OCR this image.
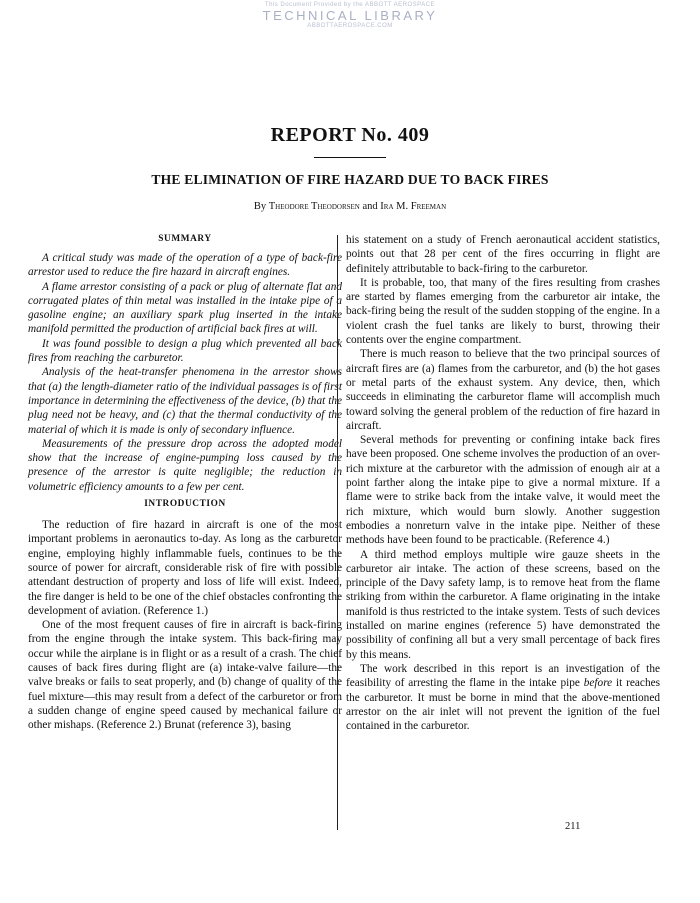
This Document Provided by the ABBOTT AEROSPACE
TECHNICAL LIBRARY
ABBOTTAEROSPACE.COM
REPORT No. 409
THE ELIMINATION OF FIRE HAZARD DUE TO BACK FIRES
By Theodore Theodorsen and Ira M. Freeman
SUMMARY

A critical study was made of the operation of a type of back-fire arrestor used to reduce the fire hazard in aircraft engines.

A flame arrestor consisting of a pack or plug of alternate flat and corrugated plates of thin metal was installed in the intake pipe of a gasoline engine; an auxiliary spark plug inserted in the intake manifold permitted the production of artificial back fires at will.

It was found possible to design a plug which prevented all back fires from reaching the carburetor.

Analysis of the heat-transfer phenomena in the arrestor shows that (a) the length-diameter ratio of the individual passages is of first importance in determining the effectiveness of the device, (b) that the plug need not be heavy, and (c) that the thermal conductivity of the material of which it is made is only of secondary influence.

Measurements of the pressure drop across the adopted model show that the increase of engine-pumping loss caused by the presence of the arrestor is quite negligible; the reduction in volumetric efficiency amounts to a few per cent.

INTRODUCTION

The reduction of fire hazard in aircraft is one of the most important problems in aeronautics to-day. As long as the carburetor engine, employing highly inflammable fuels, continues to be the source of power for aircraft, considerable risk of fire with possible attendant destruction of property and loss of life will exist. Indeed, the fire danger is held to be one of the chief obstacles confronting the development of aviation. (Reference 1.)

One of the most frequent causes of fire in aircraft is back-firing from the engine through the intake system. This back-firing may occur while the airplane is in flight or as a result of a crash. The chief causes of back fires during flight are (a) intake-valve failure—the valve breaks or fails to seat properly, and (b) change of quality of the fuel mixture—this may result from a defect of the carburetor or from a sudden change of engine speed caused by mechanical failure or other mishaps. (Reference 2.) Brunat (reference 3), basing

his statement on a study of French aeronautical accident statistics, points out that 28 per cent of the fires occurring in flight are definitely attributable to back-firing to the carburetor.

It is probable, too, that many of the fires resulting from crashes are started by flames emerging from the carburetor air intake, the back-firing being the result of the sudden stopping of the engine. In a violent crash the fuel tanks are likely to burst, throwing their contents over the engine compartment.

There is much reason to believe that the two principal sources of aircraft fires are (a) flames from the carburetor, and (b) the hot gases or metal parts of the exhaust system. Any device, then, which succeeds in eliminating the carburetor flame will accomplish much toward solving the general problem of the reduction of fire hazard in aircraft.

Several methods for preventing or confining intake back fires have been proposed. One scheme involves the production of an over-rich mixture at the carburetor with the admission of enough air at a point farther along the intake pipe to give a normal mixture. If a flame were to strike back from the intake valve, it would meet the rich mixture, which would burn slowly. Another suggestion embodies a nonreturn valve in the intake pipe. Neither of these methods have been found to be practicable. (Reference 4.)

A third method employs multiple wire gauze sheets in the carburetor air intake. The action of these screens, based on the principle of the Davy safety lamp, is to remove heat from the flame striking from within the carburetor. A flame originating in the intake manifold is thus restricted to the intake system. Tests of such devices installed on marine engines (reference 5) have demonstrated the possibility of confining all but a very small percentage of back fires by this means.

The work described in this report is an investigation of the feasibility of arresting the flame in the intake pipe before it reaches the carburetor. It must be borne in mind that the above-mentioned arrestor on the air inlet will not prevent the ignition of the fuel contained in the carburetor.

211
